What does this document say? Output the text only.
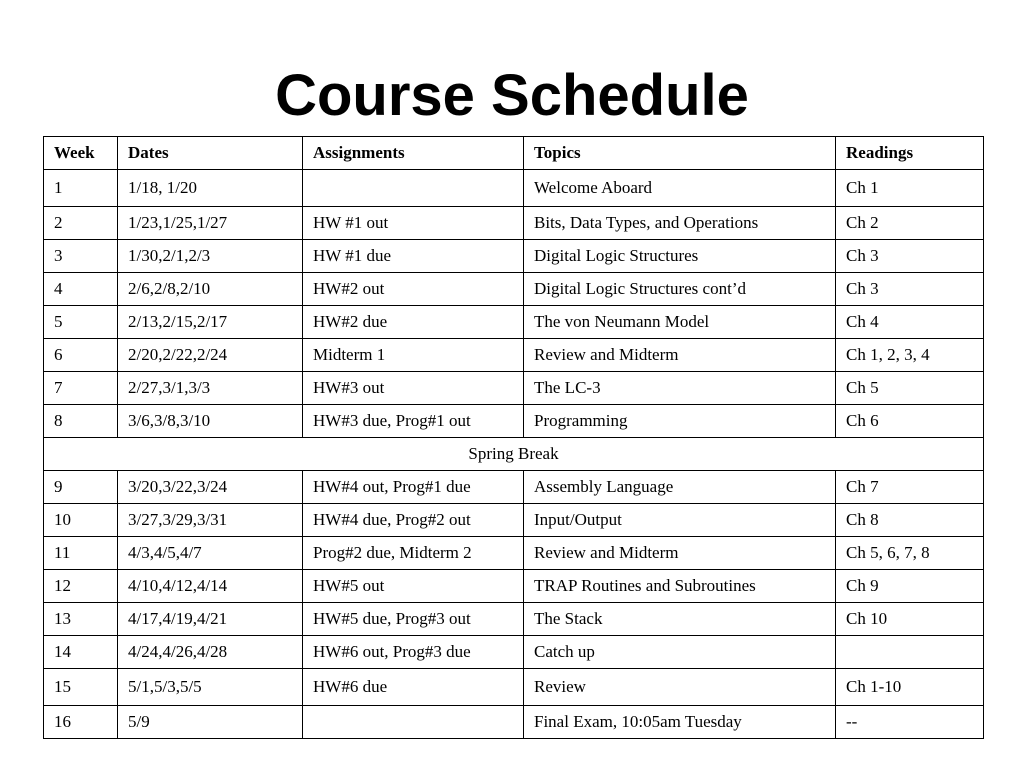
Course Schedule
Week	Dates	Assignments	Topics	Readings
1	1/18, 1/20		Welcome Aboard	Ch 1
2	1/23,1/25,1/27	HW #1 out	Bits, Data Types, and Operations	Ch 2
3	1/30,2/1,2/3	HW #1 due	Digital Logic Structures	Ch 3
4	2/6,2/8,2/10	HW#2 out	Digital Logic Structures cont’d	Ch 3
5	2/13,2/15,2/17	HW#2 due	The von Neumann Model	Ch 4
6	2/20,2/22,2/24	Midterm 1	Review and Midterm	Ch 1, 2, 3, 4
7	2/27,3/1,3/3	HW#3 out	The LC-3	Ch 5
8	3/6,3/8,3/10	HW#3 due, Prog#1 out	Programming	Ch 6
Spring Break				
9	3/20,3/22,3/24	HW#4 out, Prog#1 due	Assembly Language	Ch 7
10	3/27,3/29,3/31	HW#4 due, Prog#2 out	Input/Output	Ch 8
11	4/3,4/5,4/7	Prog#2 due, Midterm 2	Review and Midterm	Ch 5, 6, 7, 8
12	4/10,4/12,4/14	HW#5 out	TRAP Routines and Subroutines	Ch 9
13	4/17,4/19,4/21	HW#5 due, Prog#3 out	The Stack	Ch 10
14	4/24,4/26,4/28	HW#6 out, Prog#3 due	Catch up	
15	5/1,5/3,5/5	HW#6 due	Review	Ch 1-10
16	5/9		Final Exam, 10:05am Tuesday	--
